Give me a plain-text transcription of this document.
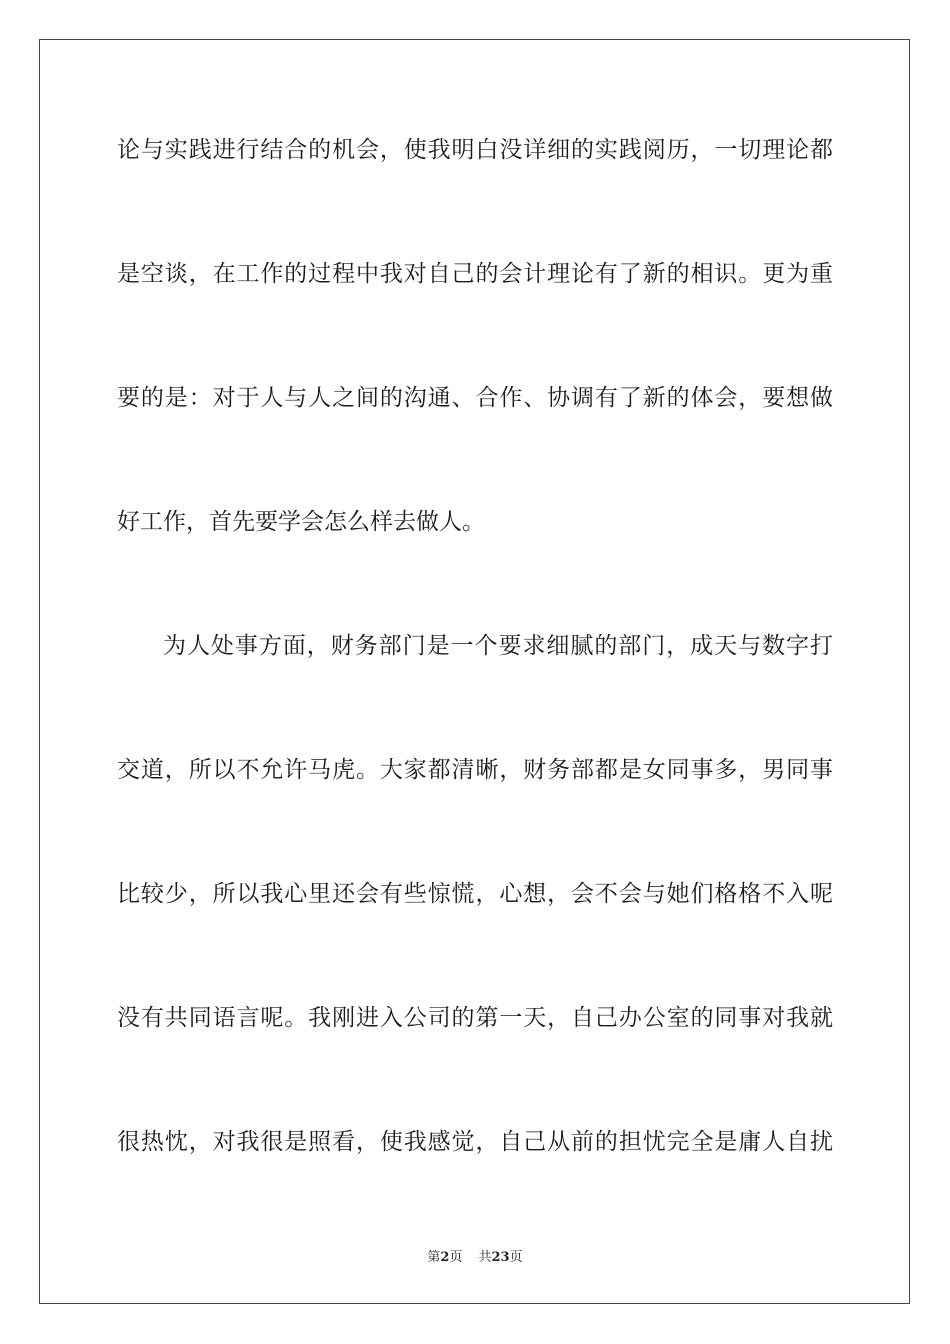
论与实践进行结合的机会，使我明白没详细的实践阅历，一切理论都
是空谈，在工作的过程中我对自己的会计理论有了新的相识。更为重
要的是：对于人与人之间的沟通、合作、协调有了新的体会，要想做
好工作，首先要学会怎么样去做人。
为人处事方面，财务部门是一个要求细腻的部门，成天与数字打
交道，所以不允许马虎。大家都清晰，财务部都是女同事多，男同事
比较少，所以我心里还会有些惊慌，心想，会不会与她们格格不入呢
没有共同语言呢。我刚进入公司的第一天，自己办公室的同事对我就
很热忱，对我很是照看，使我感觉，自己从前的担忧完全是庸人自扰
第2页 共23页
